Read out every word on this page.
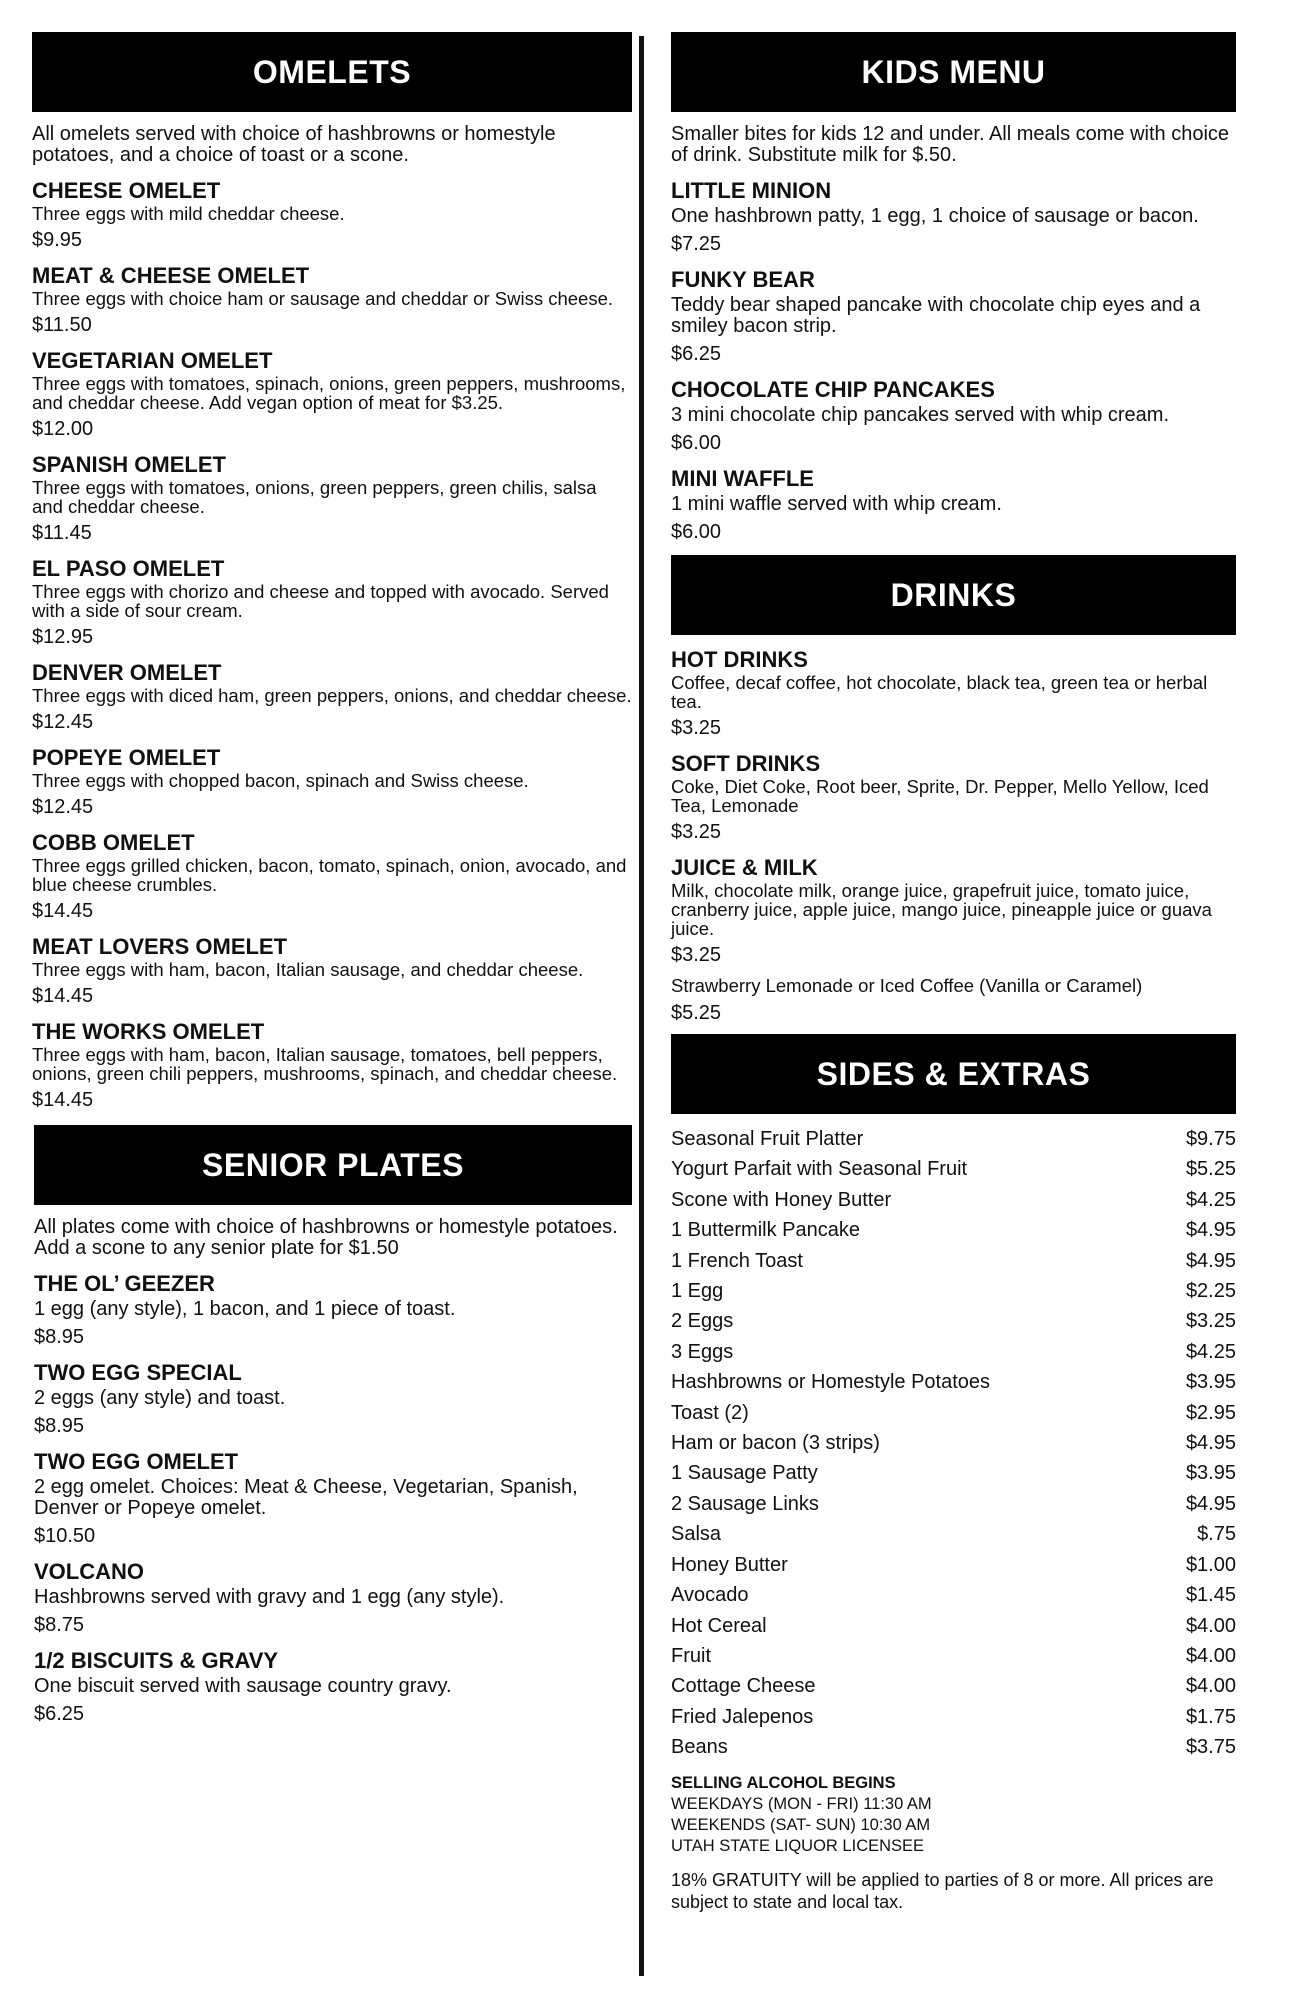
OMELETS
All omelets served with choice of hashbrowns or homestyle potatoes, and a choice of toast or a scone.
CHEESE OMELET
Three eggs with mild cheddar cheese.
$9.95
MEAT & CHEESE OMELET
Three eggs with choice ham or sausage and cheddar or Swiss cheese.
$11.50
VEGETARIAN OMELET
Three eggs with tomatoes, spinach, onions, green peppers, mushrooms, and cheddar cheese. Add vegan option of meat for $3.25.
$12.00
SPANISH OMELET
Three eggs with tomatoes, onions, green peppers, green chilis, salsa and cheddar cheese.
$11.45
EL PASO OMELET
Three eggs with chorizo and cheese and topped with avocado. Served with a side of sour cream.
$12.95
DENVER OMELET
Three eggs with diced ham, green peppers, onions, and cheddar cheese.
$12.45
POPEYE OMELET
Three eggs with chopped bacon, spinach and Swiss cheese.
$12.45
COBB OMELET
Three eggs grilled chicken, bacon, tomato, spinach, onion, avocado, and blue cheese crumbles.
$14.45
MEAT LOVERS OMELET
Three eggs with ham, bacon, Italian sausage, and cheddar cheese.
$14.45
THE WORKS OMELET
Three eggs with ham, bacon, Italian sausage, tomatoes, bell peppers, onions, green chili peppers, mushrooms, spinach, and cheddar cheese.
$14.45
SENIOR PLATES
All plates come with choice of hashbrowns or homestyle potatoes. Add a scone to any senior plate for $1.50
THE OL’ GEEZER
1 egg (any style), 1 bacon, and 1 piece of toast.
$8.95
TWO EGG SPECIAL
2 eggs (any style) and toast.
$8.95
TWO EGG OMELET
2 egg omelet. Choices: Meat & Cheese, Vegetarian, Spanish, Denver or Popeye omelet.
$10.50
VOLCANO
Hashbrowns served with gravy and 1 egg (any style).
$8.75
1/2 BISCUITS & GRAVY
One biscuit served with sausage country gravy.
$6.25
KIDS MENU
Smaller bites for kids 12 and under. All meals come with choice of drink. Substitute milk for $.50.
LITTLE MINION
One hashbrown patty, 1 egg, 1 choice of sausage or bacon.
$7.25
FUNKY BEAR
Teddy bear shaped pancake with chocolate chip eyes and a smiley bacon strip.
$6.25
CHOCOLATE CHIP PANCAKES
3 mini chocolate chip pancakes served with whip cream.
$6.00
MINI WAFFLE
1 mini waffle served with whip cream.
$6.00
DRINKS
HOT DRINKS
Coffee, decaf coffee, hot chocolate, black tea, green tea or herbal tea.
$3.25
SOFT DRINKS
Coke, Diet Coke, Root beer, Sprite, Dr. Pepper, Mello Yellow, Iced Tea, Lemonade
$3.25
JUICE & MILK
Milk, chocolate milk, orange juice, grapefruit juice, tomato juice, cranberry juice, apple juice, mango juice, pineapple juice or guava juice.
$3.25
Strawberry Lemonade or Iced Coffee (Vanilla or Caramel)
$5.25
SIDES & EXTRAS
Seasonal Fruit Platter	$9.75
Yogurt Parfait with Seasonal Fruit	$5.25
Scone with Honey Butter	$4.25
1 Buttermilk Pancake	$4.95
1 French Toast	$4.95
1 Egg	$2.25
2 Eggs	$3.25
3 Eggs	$4.25
Hashbrowns or Homestyle Potatoes	$3.95
Toast (2)	$2.95
Ham or bacon (3 strips)	$4.95
1 Sausage Patty	$3.95
2 Sausage Links	$4.95
Salsa	$.75
Honey Butter	$1.00
Avocado	$1.45
Hot Cereal	$4.00
Fruit	$4.00
Cottage Cheese	$4.00
Fried Jalepenos	$1.75
Beans	$3.75
SELLING ALCOHOL BEGINS
WEEKDAYS (MON - FRI) 11:30 AM
WEEKENDS (SAT- SUN) 10:30 AM
UTAH STATE LIQUOR LICENSEE
18% GRATUITY will be applied to parties of 8 or more. All prices are subject to state and local tax.
